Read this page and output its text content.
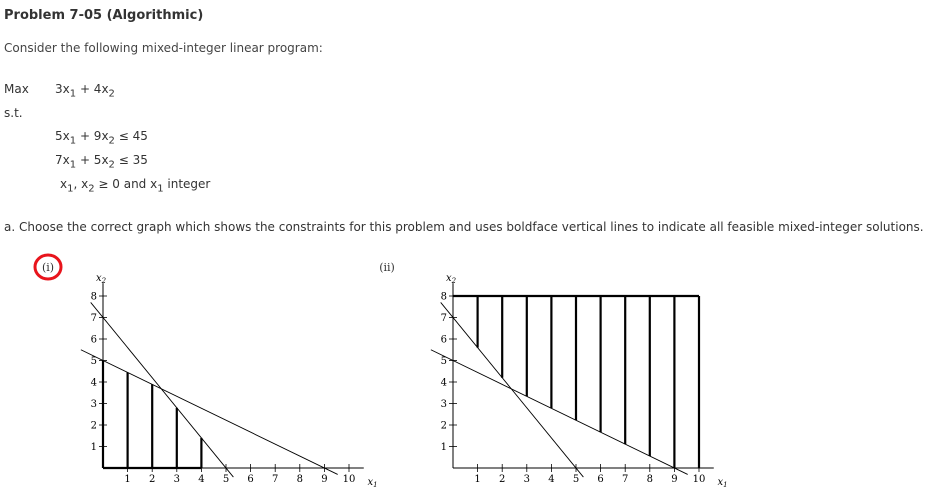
Problem 7-05 (Algorithmic)
Consider the following mixed-integer linear program:
Max $3x_1 + 4x_2$
s.t.
$5x_1 + 9x_2 \le 45$
$7x_1 + 5x_2 \le 35$
$x_1$, $x_2 \ge 0$ and $x_1$ integer
a. Choose the correct graph which shows the constraints for this problem and uses boldface vertical lines to indicate all feasible mixed-integer solutions.
(i)
1 2 3 4 5 6 7 8 9 10
1
2
3
4
5
6
7
8
$x_1$
$x_2$
(ii)
1 2 3 4 5 6 7 8 9 10
1
2
3
4
5
6
7
8
$x_1$
$x_2$
